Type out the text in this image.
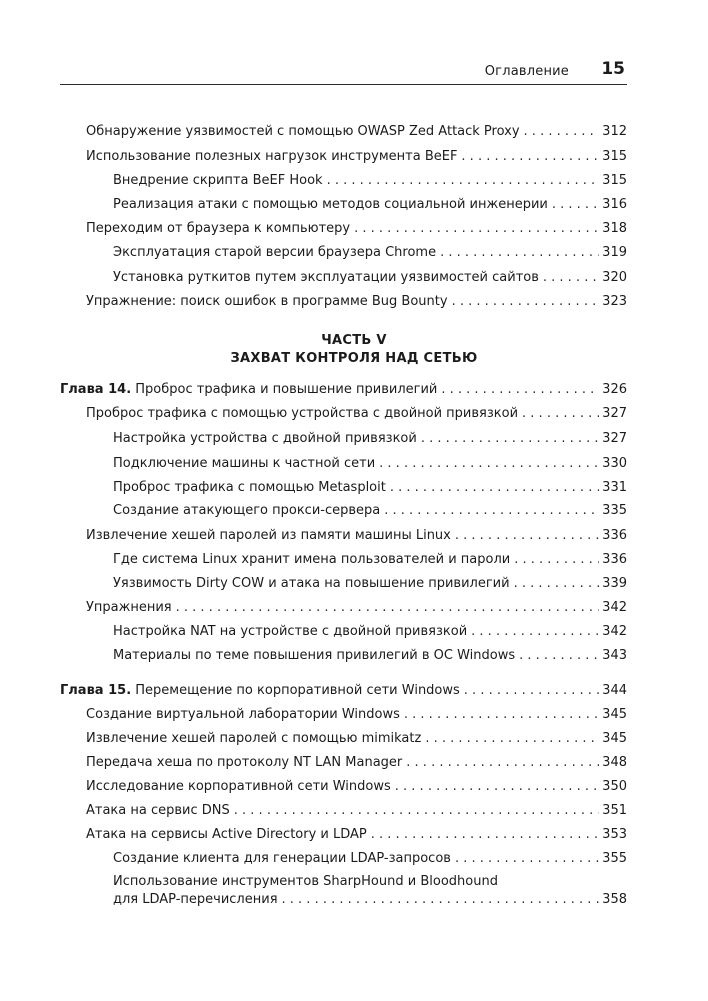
Оглавление 15
Обнаружение уязвимостей с помощью OWASP Zed Attack Proxy . . .	312
Использование полезных нагрузок инструмента BeEF . . .	315
Внедрение скрипта BeEF Hook . . .	315
Реализация атаки с помощью методов социальной инженерии . . .	316
Переходим от браузера к компьютеру . . .	318
Эксплуатация старой версии браузера Chrome . . .	319
Установка руткитов путем эксплуатации уязвимостей сайтов . . .	320
Упражнение: поиск ошибок в программе Bug Bounty . . .	323
ЧАСТЬ V
ЗАХВАТ КОНТРОЛЯ НАД СЕТЬЮ
Глава 14. Проброс трафика и повышение привилегий . . .	326
Проброс трафика с помощью устройства с двойной привязкой . . .	327
Настройка устройства с двойной привязкой . . .	327
Подключение машины к частной сети . . .	330
Проброс трафика с помощью Metasploit . . .	331
Создание атакующего прокси-сервера . . .	335
Извлечение хешей паролей из памяти машины Linux . . .	336
Где система Linux хранит имена пользователей и пароли . . .	336
Уязвимость Dirty COW и атака на повышение привилегий . . .	339
Упражнения . . .	342
Настройка NAT на устройстве с двойной привязкой . . .	342
Материалы по теме повышения привилегий в ОС Windows . . .	343
Глава 15. Перемещение по корпоративной сети Windows . . .	344
Создание виртуальной лаборатории Windows . . .	345
Извлечение хешей паролей с помощью mimikatz . . .	345
Передача хеша по протоколу NT LAN Manager . . .	348
Исследование корпоративной сети Windows . . .	350
Атака на сервис DNS . . .	351
Атака на сервисы Active Directory и LDAP . . .	353
Создание клиента для генерации LDAP-запросов . . .	355
Использование инструментов SharpHound и Bloodhound
для LDAP-перечисления . . .	358
